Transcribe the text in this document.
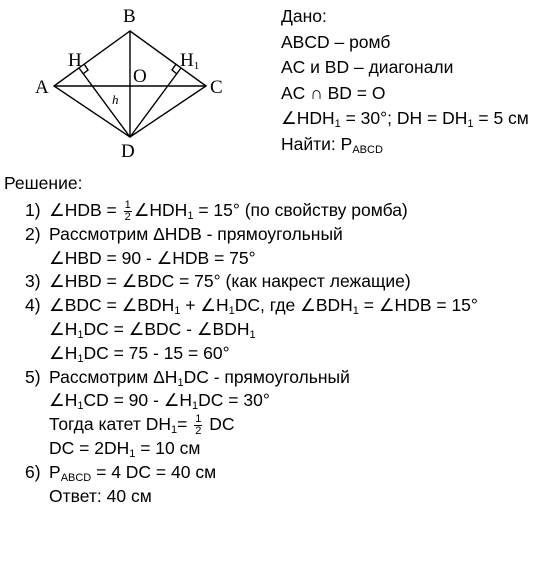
A
B
C
D
O
H	H1
h
Дано:
ABCD – ромб
AC и BD – диагонали
AC ∩ BD = O
$\angle HDH_1 = 30^\circ$; DH = $DH_1 = 5$ см
Найти: $P_{ABCD}$
Решение:
1) ∠HDB = $\frac{1}{2}$ $\angle HDH_1 = 15^\circ$ (по свойству ромба)
2) Рассмотрим ΔHDB - прямоугольный
∠HBD = 90 - ∠HDB = 75°
3) ∠HBD = ∠BDC = 75° (как накрест лежащие)
4) ∠BDC = $\angle BDH_1$ + $\angle H_1DC$, где $\angle BDH_1$ = ∠HDB = 15°
$\angle H_1DC$ = ∠BDC - $\angle BDH_1$
$\angle H_1DC = 75 - 15 = 60^\circ$
5) Рассмотрим $\Delta H_1DC$ - прямоугольный
$\angle H_1CD = 90$ - $\angle H_1DC = 30^\circ$
Тогда катет $DH_1= \frac{1}{2}$ DC
DC = $2DH_1 = 10$ см
6) $P_{ABCD} = 4$ DC = 40 см
Ответ: 40 см
